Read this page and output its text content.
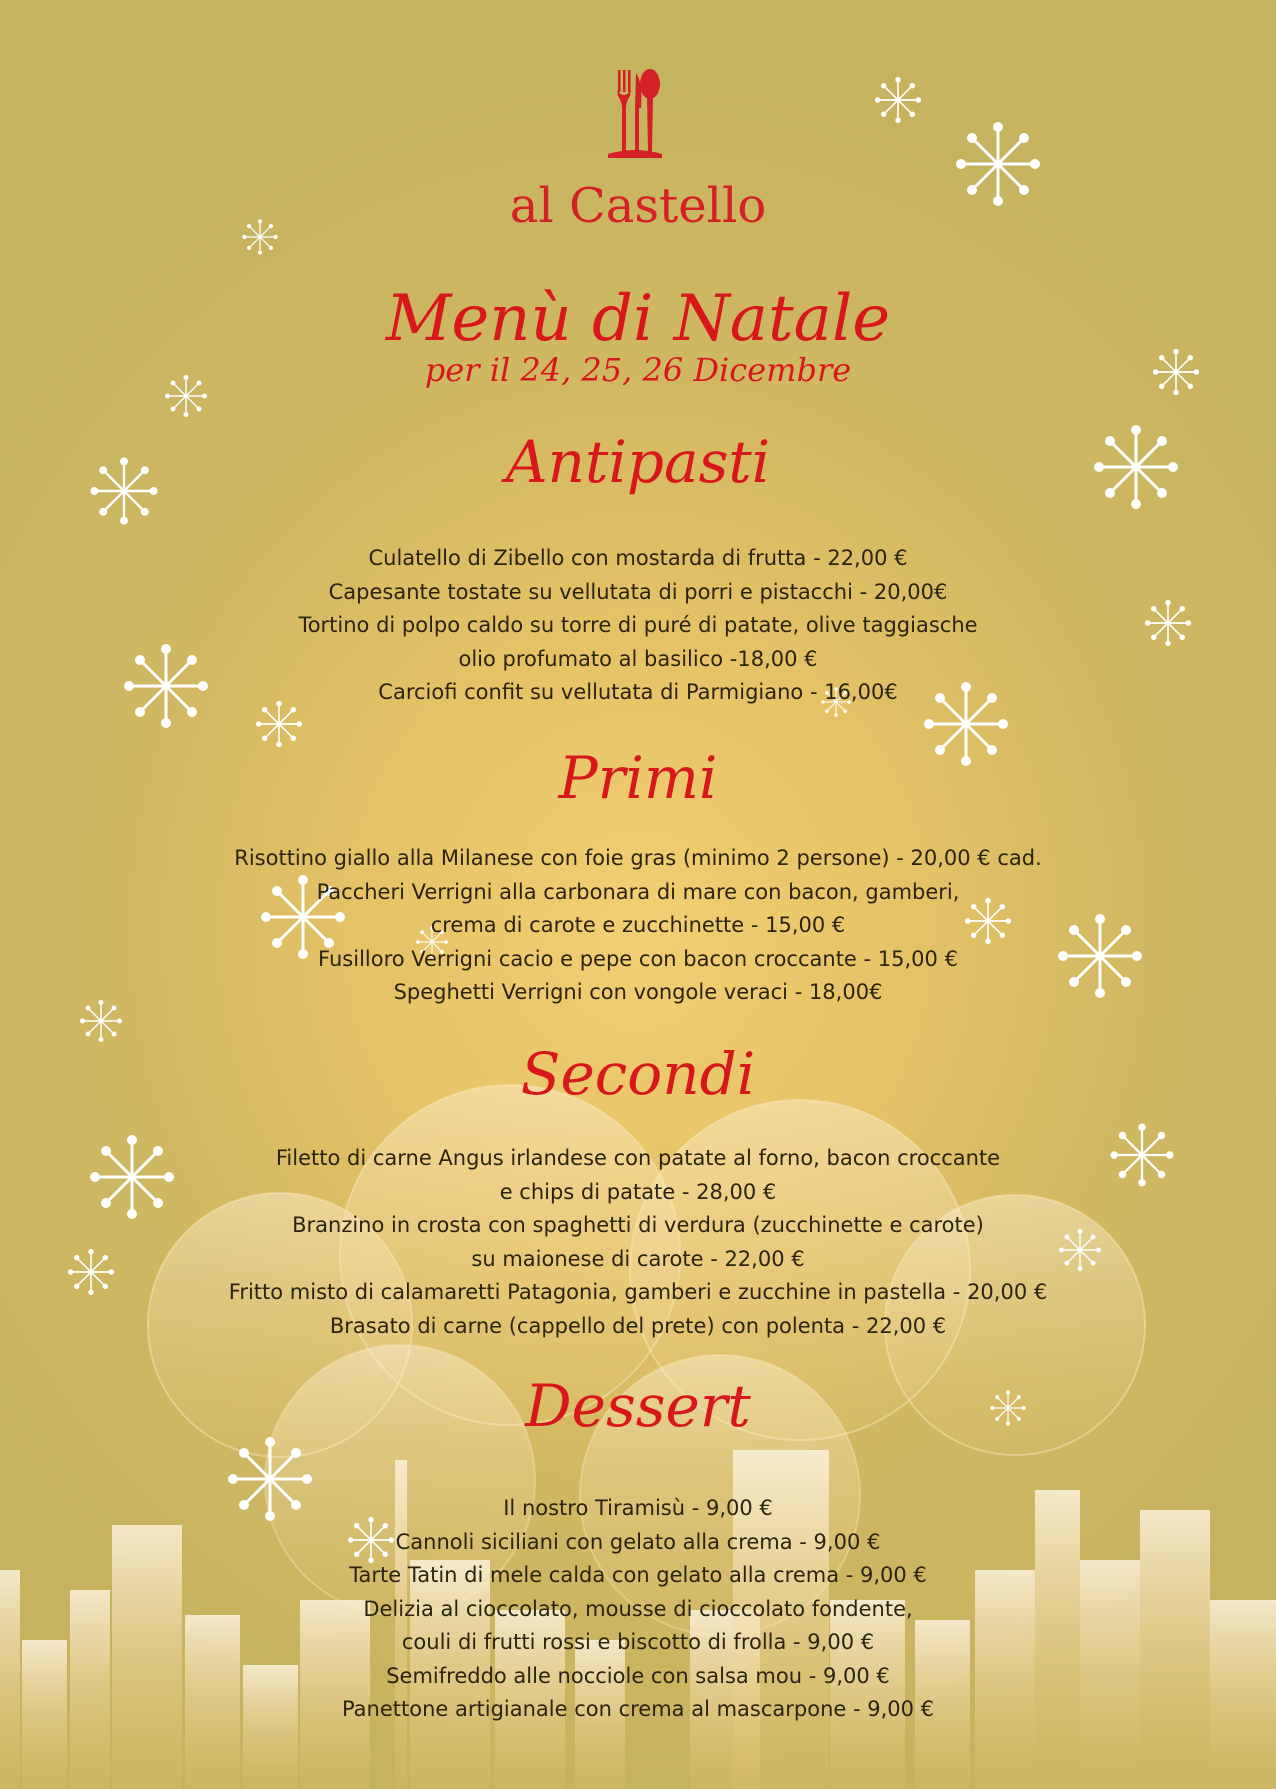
al Castello
Menù di Natale
per il 24, 25, 26 Dicembre
Antipasti
Culatello di Zibello con mostarda di frutta - 22,00 €
Capesante tostate su vellutata di porri e pistacchi - 20,00€
Tortino di polpo caldo su torre di puré di patate, olive taggiasche
olio profumato al basilico -18,00 €
Carciofi confit su vellutata di Parmigiano - 16,00€
Primi
Risottino giallo alla Milanese con foie gras (minimo 2 persone) - 20,00 € cad.
Paccheri Verrigni alla carbonara di mare con bacon, gamberi,
crema di carote e zucchinette - 15,00 €
Fusilloro Verrigni cacio e pepe con bacon croccante - 15,00 €
Speghetti Verrigni con vongole veraci - 18,00€
Secondi
Filetto di carne Angus irlandese con patate al forno, bacon croccante
e chips di patate - 28,00 €
Branzino in crosta con spaghetti di verdura (zucchinette e carote)
su maionese di carote - 22,00 €
Fritto misto di calamaretti Patagonia, gamberi e zucchine in pastella - 20,00 €
Brasato di carne (cappello del prete) con polenta - 22,00 €
Dessert
Il nostro Tiramisù - 9,00 €
Cannoli siciliani con gelato alla crema - 9,00 €
Tarte Tatin di mele calda con gelato alla crema - 9,00 €
Delizia al cioccolato, mousse di cioccolato fondente,
couli di frutti rossi e biscotto di frolla - 9,00 €
Semifreddo alle nocciole con salsa mou - 9,00 €
Panettone artigianale con crema al mascarpone - 9,00 €
